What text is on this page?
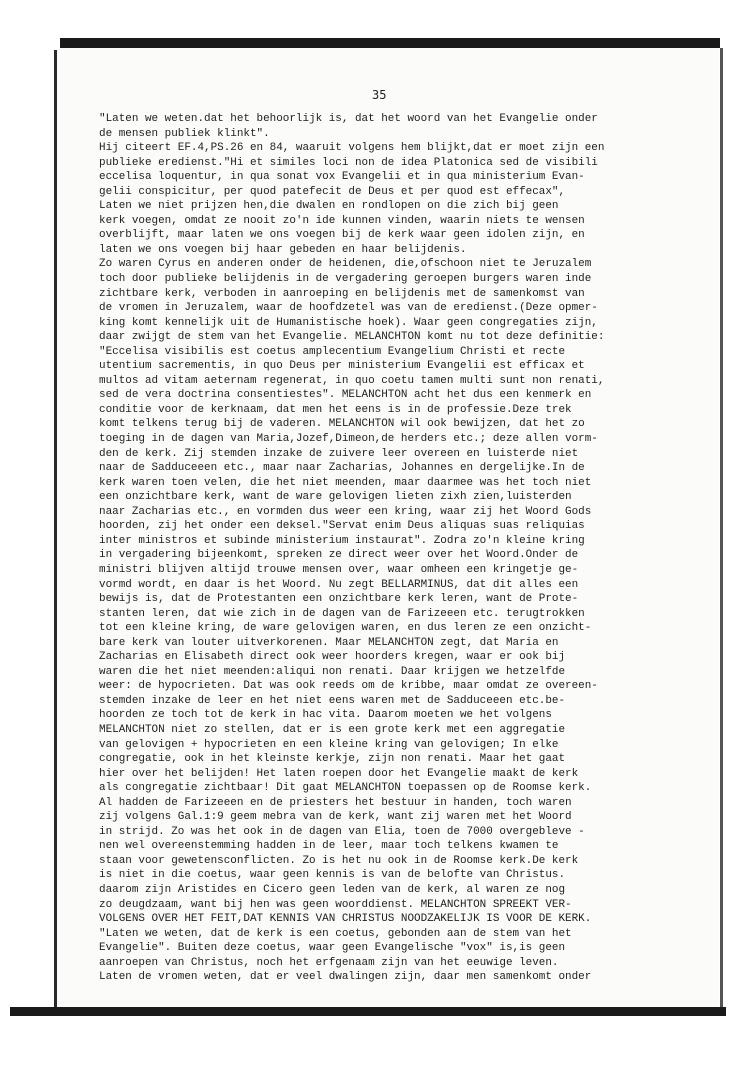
35
"Laten we weten.dat het behoorlijk is, dat het woord van het Evangelie onder
de mensen publiek klinkt".
Hij citeert EF.4,PS.26 en 84, waaruit volgens hem blijkt,dat er moet zijn een
publieke eredienst."Hi et similes loci non de idea Platonica sed de visibili
eccelisa loquentur, in qua sonat vox Evangelii et in qua ministerium Evan-
gelii conspicitur, per quod patefecit de Deus et per quod est effecax",
Laten we niet prijzen hen,die dwalen en rondlopen on die zich bij geen
kerk voegen, omdat ze nooit zo'n ide kunnen vinden, waarin niets te wensen
overblijft, maar laten we ons voegen bij de kerk waar geen idolen zijn, en
laten we ons voegen bij haar gebeden en haar belijdenis.
Zo waren Cyrus en anderen onder de heidenen, die,ofschoon niet te Jeruzalem
toch door publieke belijdenis in de vergadering geroepen burgers waren inde
zichtbare kerk, verboden in aanroeping en belijdenis met de samenkomst van
de vromen in Jeruzalem, waar de hoofdzetel was van de eredienst.(Deze opmer-
king komt kennelijk uit de Humanistische hoek). Waar geen congregaties zijn,
daar zwijgt de stem van het Evangelie. MELANCHTON komt nu tot deze definitie:
"Eccelisa visibilis est coetus amplecentium Evangelium Christi et recte
utentium sacrementis, in quo Deus per ministerium Evangelii est efficax et
multos ad vitam aeternam regenerat, in quo coetu tamen multi sunt non renati,
sed de vera doctrina consentiestes". MELANCHTON acht het dus een kenmerk en
conditie voor de kerknaam, dat men het eens is in de professie.Deze trek
komt telkens terug bij de vaderen. MELANCHTON wil ook bewijzen, dat het zo
toeging in de dagen van Maria,Jozef,Dimeon,de herders etc.; deze allen vorm-
den de kerk. Zij stemden inzake de zuivere leer overeen en luisterde niet
naar de Sadduceeen etc., maar naar Zacharias, Johannes en dergelijke.In de
kerk waren toen velen, die het niet meenden, maar daarmee was het toch niet
een onzichtbare kerk, want de ware gelovigen lieten zixh zien,luisterden
naar Zacharias etc., en vormden dus weer een kring, waar zij het Woord Gods
hoorden, zij het onder een deksel."Servat enim Deus aliquas suas reliquias
inter ministros et subinde ministerium instaurat". Zodra zo'n kleine kring
in vergadering bijeenkomt, spreken ze direct weer over het Woord.Onder de
ministri blijven altijd trouwe mensen over, waar omheen een kringetje ge-
vormd wordt, en daar is het Woord. Nu zegt BELLARMINUS, dat dit alles een
bewijs is, dat de Protestanten een onzichtbare kerk leren, want de Prote-
stanten leren, dat wie zich in de dagen van de Farizeeen etc. terugtrokken
tot een kleine kring, de ware gelovigen waren, en dus leren ze een onzicht-
bare kerk van louter uitverkorenen. Maar MELANCHTON zegt, dat Maria en
Zacharias en Elisabeth direct ook weer hoorders kregen, waar er ook bij
waren die het niet meenden:aliqui non renati. Daar krijgen we hetzelfde
weer: de hypocrieten. Dat was ook reeds om de kribbe, maar omdat ze overeen-
stemden inzake de leer en het niet eens waren met de Sadduceeen etc.be-
hoorden ze toch tot de kerk in hac vita. Daarom moeten we het volgens
MELANCHTON niet zo stellen, dat er is een grote kerk met een aggregatie
van gelovigen + hypocrieten en een kleine kring van gelovigen; In elke
congregatie, ook in het kleinste kerkje, zijn non renati. Maar het gaat
hier over het belijden! Het laten roepen door het Evangelie maakt de kerk
als congregatie zichtbaar! Dit gaat MELANCHTON toepassen op de Roomse kerk.
Al hadden de Farizeeen en de priesters het bestuur in handen, toch waren
zij volgens Gal.1:9 geem mebra van de kerk, want zij waren met het Woord
in strijd. Zo was het ook in de dagen van Elia, toen de 7000 overgebleve -
nen wel overeenstemming hadden in de leer, maar toch telkens kwamen te
staan voor gewetensconflicten. Zo is het nu ook in de Roomse kerk.De kerk
is niet in die coetus, waar geen kennis is van de belofte van Christus.
daarom zijn Aristides en Cicero geen leden van de kerk, al waren ze nog
zo deugdzaam, want bij hen was geen woorddienst. MELANCHTON SPREEKT VER-
VOLGENS OVER HET FEIT,DAT KENNIS VAN CHRISTUS NOODZAKELIJK IS VOOR DE KERK.
"Laten we weten, dat de kerk is een coetus, gebonden aan de stem van het
Evangelie". Buiten deze coetus, waar geen Evangelische "vox" is,is geen
aanroepen van Christus, noch het erfgenaam zijn van het eeuwige leven.
Laten de vromen weten, dat er veel dwalingen zijn, daar men samenkomt onder
